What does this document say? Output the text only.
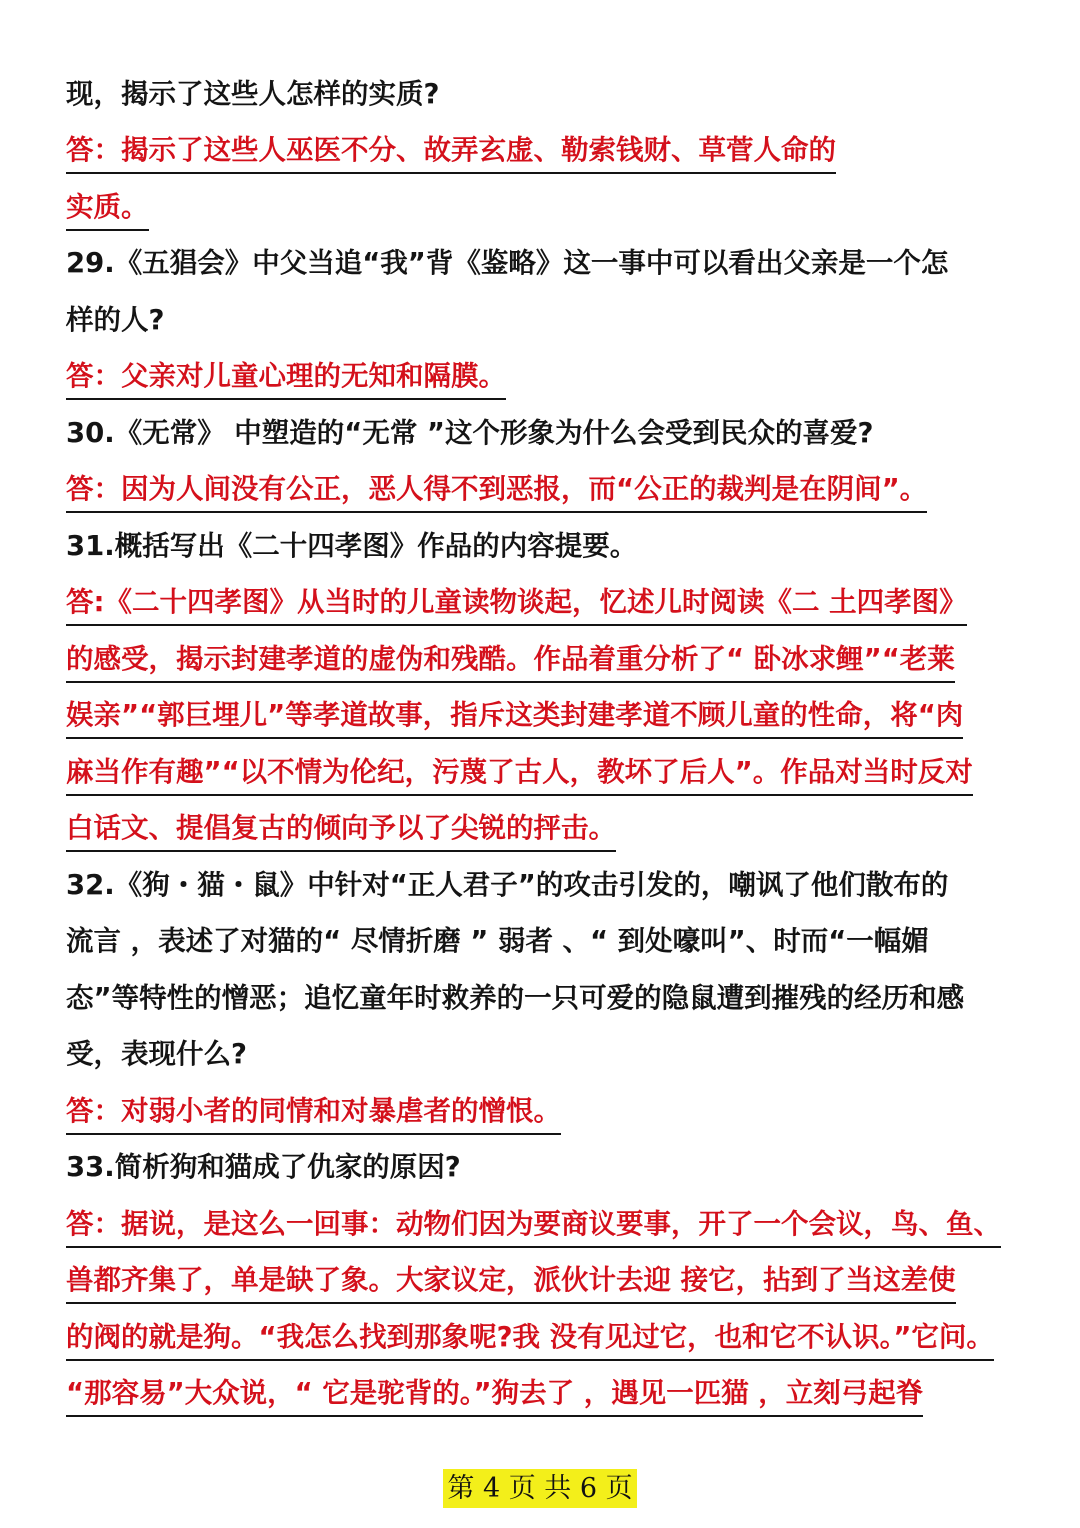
现，揭示了这些人怎样的实质?
答：揭示了这些人巫医不分、故弄玄虚、勒索钱财、草菅人命的
实质。
29.《五猖会》中父当追“我”背《鉴略》这一事中可以看出父亲是一个怎
样的人?
答：父亲对儿童心理的无知和隔膜。
30.《无常》 中塑造的“无常 ”这个形象为什么会受到民众的喜爱?
答：因为人间没有公正，恶人得不到恶报，而“公正的裁判是在阴间”。
31.概括写出《二十四孝图》作品的内容提要。
答:《二十四孝图》从当时的儿童读物谈起，忆述儿时阅读《二 土四孝图》
的感受，揭示封建孝道的虚伪和残酷。作品着重分析了“ 卧冰求鲤”“老莱
娱亲”“郭巨埋儿”等孝道故事，指斥这类封建孝道不顾儿童的性命，将“肉
麻当作有趣”“以不情为伦纪，污蔑了古人，教坏了后人”。作品对当时反对
白话文、提倡复古的倾向予以了尖锐的抨击。
32.《狗・猫・鼠》中针对“正人君子”的攻击引发的，嘲讽了他们散布的
流言 ，表述了对猫的“ 尽情折磨 ” 弱者 、“ 到处嚎叫”、时而“一幅媚
态”等特性的憎恶；追忆童年时救养的一只可爱的隐鼠遭到摧残的经历和感
受，表现什么?
答：对弱小者的同情和对暴虐者的憎恨。
33.简析狗和猫成了仇家的原因?
答：据说，是这么一回事：动物们因为要商议要事，开了一个会议，鸟、鱼、
兽都齐集了，单是缺了象。大家议定，派伙计去迎 接它，拈到了当这差使
的阀的就是狗。“我怎么找到那象呢?我 没有见过它，也和它不认识。”它问。
“那容易”大众说，“ 它是驼背的。”狗去了 ，遇见一匹猫 ，立刻弓起脊
第 4 页 共 6 页
